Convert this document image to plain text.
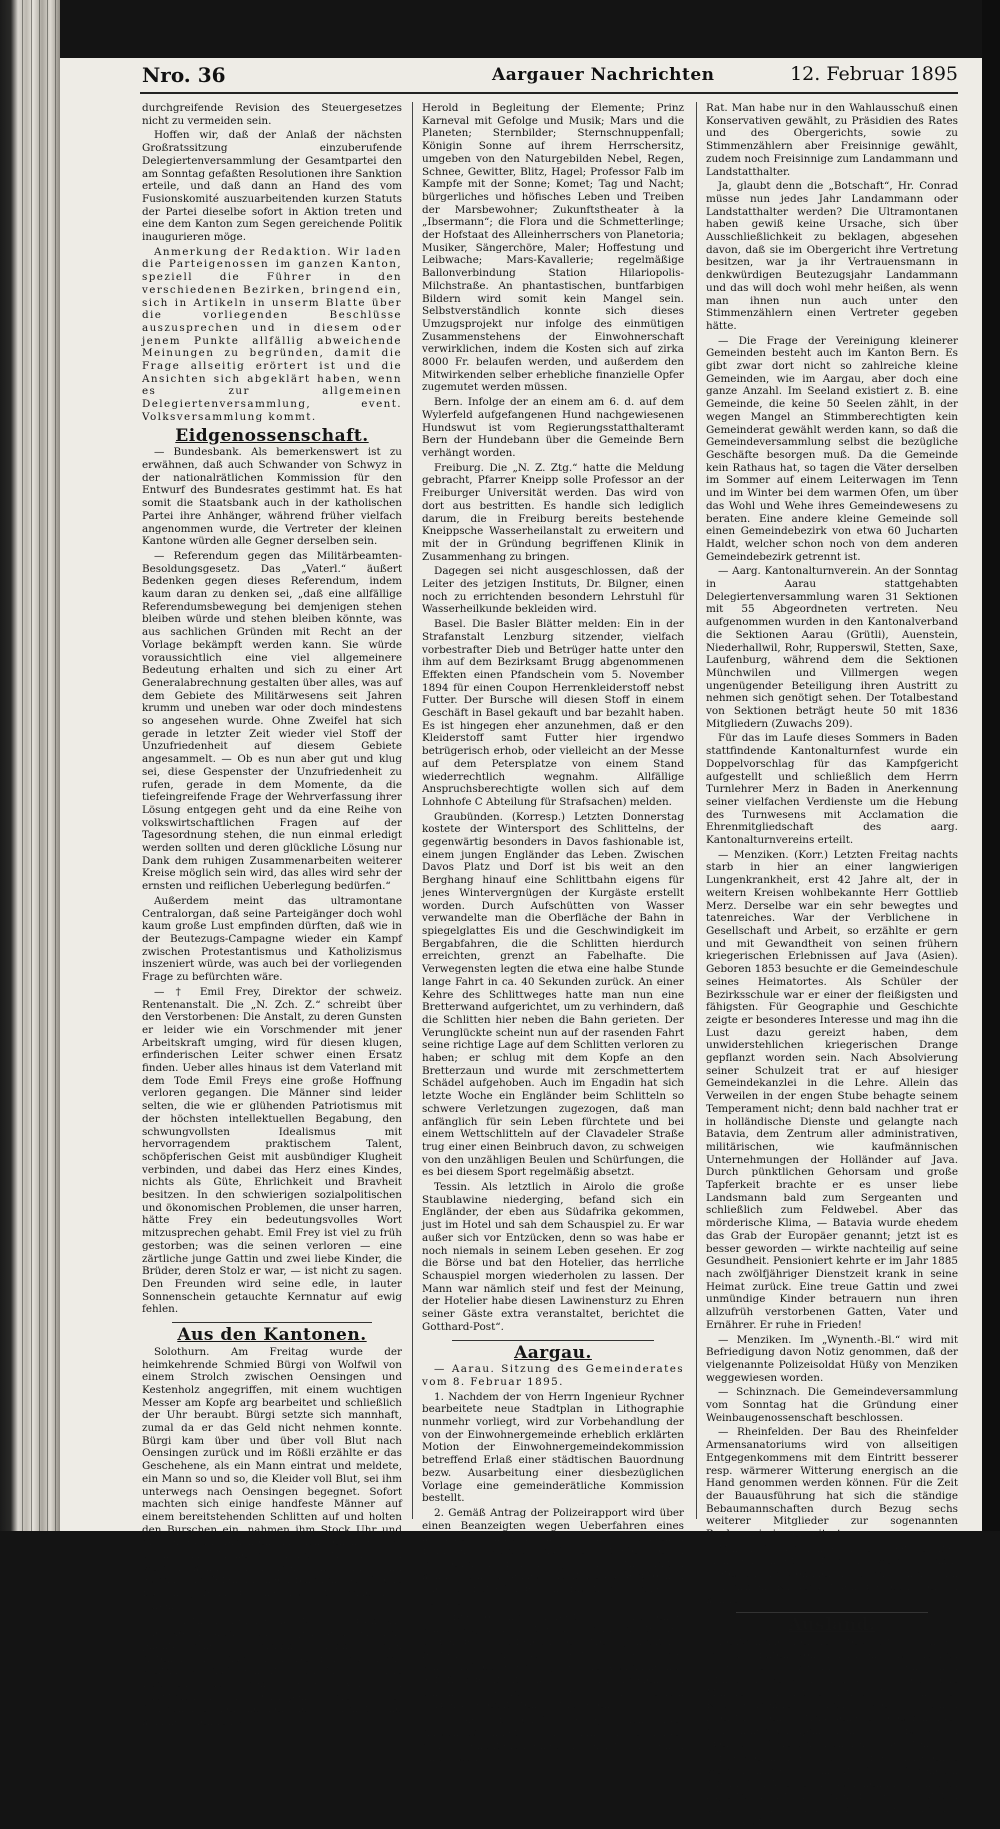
Nro. 36	Aargauer Nachrichten	12. Februar 1895

durchgreifende Revision des Steuergesetzes nicht zu vermeiden sein.

Hoffen wir, daß der Anlaß der nächsten Großratssitzung einzuberufende Delegiertenversammlung der Gesamtpartei den am Sonntag gefaßten Resolutionen ihre Sanktion erteile, und daß dann an Hand des vom Fusionskomité auszuarbeitenden kurzen Statuts der Partei dieselbe sofort in Aktion treten und eine dem Kanton zum Segen gereichende Politik inaugurieren möge.

Anmerkung der Redaktion. Wir laden die Parteigenossen im ganzen Kanton, speziell die Führer in den verschiedenen Bezirken, bringend ein, sich in Artikeln in unserm Blatte über die vorliegenden Beschlüsse auszusprechen und in diesem oder jenem Punkte allfällig abweichende Meinungen zu begründen, damit die Frage allseitig erörtert ist und die Ansichten sich abgeklärt haben, wenn es zur allgemeinen Delegiertenversammlung, event. Volksversammlung kommt.

Eidgenossenschaft.

— Bundesbank. Als bemerkenswert ist zu erwähnen, daß auch Schwander von Schwyz in der nationalrätlichen Kommission für den Entwurf des Bundesrates gestimmt hat. Es hat somit die Staatsbank auch in der katholischen Partei ihre Anhänger, während früher vielfach angenommen wurde, die Vertreter der kleinen Kantone würden alle Gegner derselben sein.

— Referendum gegen das Militärbeamten-Besoldungsgesetz. Das „Vaterl.“ äußert Bedenken gegen dieses Referendum, indem kaum daran zu denken sei, „daß eine allfällige Referendumsbewegung bei demjenigen stehen bleiben würde und stehen bleiben könnte, was aus sachlichen Gründen mit Recht an der Vorlage bekämpft werden kann. Sie würde voraussichtlich eine viel allgemeinere Bedeutung erhalten und sich zu einer Art Generalabrechnung gestalten über alles, was auf dem Gebiete des Militärwesens seit Jahren krumm und uneben war oder doch mindestens so angesehen wurde. Ohne Zweifel hat sich gerade in letzter Zeit wieder viel Stoff der Unzufriedenheit auf diesem Gebiete angesammelt. — Ob es nun aber gut und klug sei, diese Gespenster der Unzufriedenheit zu rufen, gerade in dem Momente, da die tiefeingreifende Frage der Wehrverfassung ihrer Lösung entgegen geht und da eine Reihe von volkswirtschaftlichen Fragen auf der Tagesordnung stehen, die nun einmal erledigt werden sollten und deren glückliche Lösung nur Dank dem ruhigen Zusammenarbeiten weiterer Kreise möglich sein wird, das alles wird sehr der ernsten und reiflichen Ueberlegung bedürfen.“

Außerdem meint das ultramontane Centralorgan, daß seine Parteigänger doch wohl kaum große Lust empfinden dürften, daß wie in der Beutezugs-Campagne wieder ein Kampf zwischen Protestantismus und Katholizismus inszeniert würde, was auch bei der vorliegenden Frage zu befürchten wäre.

— † Emil Frey, Direktor der schweiz. Rentenanstalt. Die „N. Zch. Z.“ schreibt über den Verstorbenen: Die Anstalt, zu deren Gunsten er leider wie ein Vorschmender mit jener Arbeitskraft umging, wird für diesen klugen, erfinderischen Leiter schwer einen Ersatz finden. Ueber alles hinaus ist dem Vaterland mit dem Tode Emil Freys eine große Hoffnung verloren gegangen. Die Männer sind leider selten, die wie er glühenden Patriotismus mit der höchsten intellektuellen Begabung, den schwungvollsten Idealismus mit hervorragendem praktischem Talent, schöpferischen Geist mit ausbündiger Klugheit verbinden, und dabei das Herz eines Kindes, nichts als Güte, Ehrlichkeit und Bravheit besitzen. In den schwierigen sozialpolitischen und ökonomischen Problemen, die unser harren, hätte Frey ein bedeutungsvolles Wort mitzusprechen gehabt. Emil Frey ist viel zu früh gestorben; was die seinen verloren — eine zärtliche junge Gattin und zwei liebe Kinder, die Brüder, deren Stolz er war, — ist nicht zu sagen. Den Freunden wird seine edle, in lauter Sonnenschein getauchte Kernnatur auf ewig fehlen.

Aus den Kantonen.

Solothurn. Am Freitag wurde der heimkehrende Schmied Bürgi von Wolfwil von einem Strolch zwischen Oensingen und Kestenholz angegriffen, mit einem wuchtigen Messer am Kopfe arg bearbeitet und schließlich der Uhr beraubt. Bürgi setzte sich mannhaft, zumal da er das Geld nicht nehmen konnte. Bürgi kam über und über voll Blut nach Oensingen zurück und im Rößli erzählte er das Geschehene, als ein Mann eintrat und meldete, ein Mann so und so, die Kleider voll Blut, sei ihm unterwegs nach Oensingen begegnet. Sofort machten sich einige handfeste Männer auf einem bereitstehenden Schlitten auf und holten den Burschen ein, nahmen ihm Stock Uhr und Messer ab und brachten ihn nach Oensingen, wo er nur mit Mühe der Lynchjustiz entzogen werden konnte. Landjäger Wiß führte ihn alsdann ins Gefängnis nach Balsthal. Der freche Bursche gab an, die That aus Not begangen zu haben.

— Solothurn. Der Fastnachtszug wird am 21. und 26. Februar vom Stapel gelassen. Das phantastische Programm nimmt drei Abteilungen in Aussicht: 1. Der Flug durch das Weltall. 2. Auf dem Planeten Mars. 3. Die Rückkehr aus dem Weltall. Von den hauptsächlichsten Gruppen, die unter fachkundiger Leitung Leitung zur Darstellung kommen, nennen wir:

Herold in Begleitung der Elemente; Prinz Karneval mit Gefolge und Musik; Mars und die Planeten; Sternbilder; Sternschnuppenfall; Königin Sonne auf ihrem Herrschersitz, umgeben von den Naturgebilden Nebel, Regen, Schnee, Gewitter, Blitz, Hagel; Professor Falb im Kampfe mit der Sonne; Komet; Tag und Nacht; bürgerliches und höfisches Leben und Treiben der Marsbewohner; Zukunftstheater à la „Ibsermann“; die Flora und die Schmetterlinge; der Hofstaat des Alleinherrschers von Planetoria; Musiker, Sängerchöre, Maler; Hoffestung und Leibwache; Mars-Kavallerie; regelmäßige Ballonverbindung Station Hilariopolis-Milchstraße. An phantastischen, buntfarbigen Bildern wird somit kein Mangel sein. Selbstverständlich konnte sich dieses Umzugsprojekt nur infolge des einmütigen Zusammenstehens der Einwohnerschaft verwirklichen, indem die Kosten sich auf zirka 8000 Fr. belaufen werden, und außerdem den Mitwirkenden selber erhebliche finanzielle Opfer zugemutet werden müssen.

Bern. Infolge der an einem am 6. d. auf dem Wylerfeld aufgefangenen Hund nachgewiesenen Hundswut ist vom Regierungsstatthalteramt Bern der Hundebann über die Gemeinde Bern verhängt worden.

Freiburg. Die „N. Z. Ztg.“ hatte die Meldung gebracht, Pfarrer Kneipp solle Professor an der Freiburger Universität werden. Das wird von dort aus bestritten. Es handle sich lediglich darum, die in Freiburg bereits bestehende Kneippsche Wasserheilanstalt zu erweitern und mit der in Gründung begriffenen Klinik in Zusammenhang zu bringen.

Dagegen sei nicht ausgeschlossen, daß der Leiter des jetzigen Instituts, Dr. Bilgner, einen noch zu errichtenden besondern Lehrstuhl für Wasserheilkunde bekleiden wird.

Basel. Die Basler Blätter melden: Ein in der Strafanstalt Lenzburg sitzender, vielfach vorbestrafter Dieb und Betrüger hatte unter den ihm auf dem Bezirksamt Brugg abgenommenen Effekten einen Pfandschein vom 5. November 1894 für einen Coupon Herrenkleiderstoff nebst Futter. Der Bursche will diesen Stoff in einem Geschäft in Basel gekauft und bar bezahlt haben. Es ist hingegen eher anzunehmen, daß er den Kleiderstoff samt Futter hier irgendwo betrügerisch erhob, oder vielleicht an der Messe auf dem Petersplatze von einem Stand wiederrechtlich wegnahm. Allfällige Anspruchsberechtigte wollen sich auf dem Lohnhofe C Abteilung für Strafsachen) melden.

Graubünden. (Korresp.) Letzten Donnerstag kostete der Wintersport des Schlittelns, der gegenwärtig besonders in Davos fashionable ist, einem jungen Engländer das Leben. Zwischen Davos Platz und Dorf ist bis weit an den Berghang hinauf eine Schlittbahn eigens für jenes Wintervergnügen der Kurgäste erstellt worden. Durch Aufschütten von Wasser verwandelte man die Oberfläche der Bahn in spiegelglattes Eis und die Geschwindigkeit im Bergabfahren, die die Schlitten hierdurch erreichten, grenzt an Fabelhafte. Die Verwegensten legten die etwa eine halbe Stunde lange Fahrt in ca. 40 Sekunden zurück. An einer Kehre des Schlittweges hatte man nun eine Bretterwand aufgerichtet, um zu verhindern, daß die Schlitten hier neben die Bahn gerieten. Der Verunglückte scheint nun auf der rasenden Fahrt seine richtige Lage auf dem Schlitten verloren zu haben; er schlug mit dem Kopfe an den Bretterzaun und wurde mit zerschmettertem Schädel aufgehoben. Auch im Engadin hat sich letzte Woche ein Engländer beim Schlitteln so schwere Verletzungen zugezogen, daß man anfänglich für sein Leben fürchtete und bei einem Wettschlitteln auf der Clavadeler Straße trug einer einen Beinbruch davon, zu schweigen von den unzähligen Beulen und Schürfungen, die es bei diesem Sport regelmäßig absetzt.

Tessin. Als letztlich in Airolo die große Staublawine niederging, befand sich ein Engländer, der eben aus Südafrika gekommen, just im Hotel und sah dem Schauspiel zu. Er war außer sich vor Entzücken, denn so was habe er noch niemals in seinem Leben gesehen. Er zog die Börse und bat den Hotelier, das herrliche Schauspiel morgen wiederholen zu lassen. Der Mann war nämlich steif und fest der Meinung, der Hotelier habe diesen Lawinensturz zu Ehren seiner Gäste extra veranstaltet, berichtet die Gotthard-Post“.

Aargau.

— Aarau. Sitzung des Gemeinderates vom 8. Februar 1895.

1. Nachdem der von Herrn Ingenieur Rychner bearbeitete neue Stadtplan in Lithographie nunmehr vorliegt, wird zur Vorbehandlung der von der Einwohnergemeinde erheblich erklärten Motion der Einwohnergemeindekommission betreffend Erlaß einer städtischen Bauordnung bezw. Ausarbeitung einer diesbezüglichen Vorlage eine gemeinderätliche Kommission bestellt.

2. Gemäß Antrag der Polizeirapport wird über einen Beanzeigten wegen Ueberfahren eines kleineren Schlittens mit seinem eisbeladenen Fuhrwerk, welches auf der Straße wegen mangelhafter Einrichtung nicht still halten konnte, eine angemessene Buße ausgesprochen und der Betreffende zum Ersatz des Schadens verurteilt.

3. Ebenso wird ein bestrittene Buße eines Wirtes wegen nicht strafbar zu sein glaubte, weil er bei der betreffenden Uebertretung nicht ist, bestätigt, da bis jetzt § 67 des Wirtschaftsgesetzes vorgesehene Ausnahme nur auf fremde Besitz hat, die vorübergehend in einem Gasthof resp. bei einem herbergsberechtigten Wirt logieren.

— Die „Botschaft“ beklagt sich über Ausschließlichkeit der Freisinnigen gegenüber den Ultramontanen anläßlich der letzten Wahlen im Großen

Rat. Man habe nur in den Wahlausschuß einen Konservativen gewählt, zu Präsidien des Rates und des Obergerichts, sowie zu Stimmenzählern aber Freisinnige gewählt, zudem noch Freisinnige zum Landammann und Landstatthalter.

Ja, glaubt denn die „Botschaft“, Hr. Conrad müsse nun jedes Jahr Landammann oder Landstatthalter werden? Die Ultramontanen haben gewiß keine Ursache, sich über Ausschließlichkeit zu beklagen, abgesehen davon, daß sie im Obergericht ihre Vertretung besitzen, war ja ihr Vertrauensmann in denkwürdigen Beutezugsjahr Landammann und das will doch wohl mehr heißen, als wenn man ihnen nun auch unter den Stimmenzählern einen Vertreter gegeben hätte.

— Die Frage der Vereinigung kleinerer Gemeinden besteht auch im Kanton Bern. Es gibt zwar dort nicht so zahlreiche kleine Gemeinden, wie im Aargau, aber doch eine ganze Anzahl. Im Seeland existiert z. B. eine Gemeinde, die keine 50 Seelen zählt, in der wegen Mangel an Stimmberechtigten kein Gemeinderat gewählt werden kann, so daß die Gemeindeversammlung selbst die bezügliche Geschäfte besorgen muß. Da die Gemeinde kein Rathaus hat, so tagen die Väter derselben im Sommer auf einem Leiterwagen im Tenn und im Winter bei dem warmen Ofen, um über das Wohl und Wehe ihres Gemeindewesens zu beraten. Eine andere kleine Gemeinde soll einen Gemeindebezirk von etwa 60 Jucharten Haldt, welcher schon noch von dem anderen Gemeindebezirk getrennt ist.

— Aarg. Kantonalturnverein. An der Sonntag in Aarau stattgehabten Delegiertenversammlung waren 31 Sektionen mit 55 Abgeordneten vertreten. Neu aufgenommen wurden in den Kantonalverband die Sektionen Aarau (Grütli), Auenstein, Niederhallwil, Rohr, Rupperswil, Stetten, Saxe, Laufenburg, während dem die Sektionen Münchwilen und Villmergen wegen ungenügender Beteiligung ihren Austritt zu nehmen sich genötigt sehen. Der Totalbestand von Sektionen beträgt heute 50 mit 1836 Mitgliedern (Zuwachs 209).

Für das im Laufe dieses Sommers in Baden stattfindende Kantonalturnfest wurde ein Doppelvorschlag für das Kampfgericht aufgestellt und schließlich dem Herrn Turnlehrer Merz in Baden in Anerkennung seiner vielfachen Verdienste um die Hebung des Turnwesens mit Acclamation die Ehrenmitgliedschaft des aarg. Kantonalturnvereins erteilt.

— Menziken. (Korr.) Letzten Freitag nachts starb in hier an einer langwierigen Lungenkrankheit, erst 42 Jahre alt, der in weitern Kreisen wohlbekannte Herr Gottlieb Merz. Derselbe war ein sehr bewegtes und tatenreiches. War der Verblichene in Gesellschaft und Arbeit, so erzählte er gern und mit Gewandtheit von seinen frühern kriegerischen Erlebnissen auf Java (Asien). Geboren 1853 besuchte er die Gemeindeschule seines Heimatortes. Als Schüler der Bezirksschule war er einer der fleißigsten und fähigsten. Für Geographie und Geschichte zeigte er besonderes Interesse und mag ihn die Lust dazu gereizt haben, dem unwiderstehlichen kriegerischen Drange gepflanzt worden sein. Nach Absolvierung seiner Schulzeit trat er auf hiesiger Gemeindekanzlei in die Lehre. Allein das Verweilen in der engen Stube behagte seinem Temperament nicht; denn bald nachher trat er in holländische Dienste und gelangte nach Batavia, dem Zentrum aller administrativen, militärischen, wie kaufmännischen Unternehmungen der Holländer auf Java. Durch pünktlichen Gehorsam und große Tapferkeit brachte er es unser liebe Landsmann bald zum Sergeanten und schließlich zum Feldwebel. Aber das mörderische Klima, — Batavia wurde ehedem das Grab der Europäer genannt; jetzt ist es besser geworden — wirkte nachteilig auf seine Gesundheit. Pensioniert kehrte er im Jahr 1885 nach zwölfjähriger Dienstzeit krank in seine Heimat zurück. Eine treue Gattin und zwei unmündige Kinder betrauern nun ihren allzufrüh verstorbenen Gatten, Vater und Ernährer. Er ruhe in Frieden!

— Menziken. Im „Wynenth.-Bl.“ wird mit Befriedigung davon Notiz genommen, daß der vielgenannte Polizeisoldat Hüßy von Menziken weggewiesen worden.

— Schinznach. Die Gemeindeversammlung vom Sonntag hat die Gründung einer Weinbaugenossenschaft beschlossen.

— Rheinfelden. Der Bau des Rheinfelder Armensanatoriums wird von allseitigen Entgegenkommens mit dem Eintritt besserer resp. wärmerer Witterung energisch an die Hand genommen werden können. Für die Zeit der Bauausführung hat sich die ständige Bebaumannschaften durch Bezug sechs weiterer Mitglieder zur sogenannten Baukommission erweitert.

Man hofft, daß nun auch der Staat den Bau finanziell kräftig fördern werde, damit spätestens im Sommer 1896 das Sanatorium von armen Kurbedürftigen bezogen werden könne.

Ausland.

Deutschland. Der neueste Sport des Kaisers ist das Halten von Vorträgen. Erst neulich sprach er bekanntlich vor zahlreichen Offizieren zwei Stunden lang über die deutsche Marine. Nun hat er letzte Woche in der Kriegsakademie schon wieder einen zweistündigen Vortrag gehalten, diesmal über den chinesisch-japanischen Krieg. Es waren über 500 Offiziere als Zuhörer aufgeboten.

Frankreich. Drei deutsche Handelsreisende werden in der „Frankf. Ztg.“ von folgendem fabelhaften Abenteuer, das ihnen in Frankreich zugestoßen ist: Die drei Herren benutzten einen freien Sonntag, um von Delsberg aus einen Ausflug
